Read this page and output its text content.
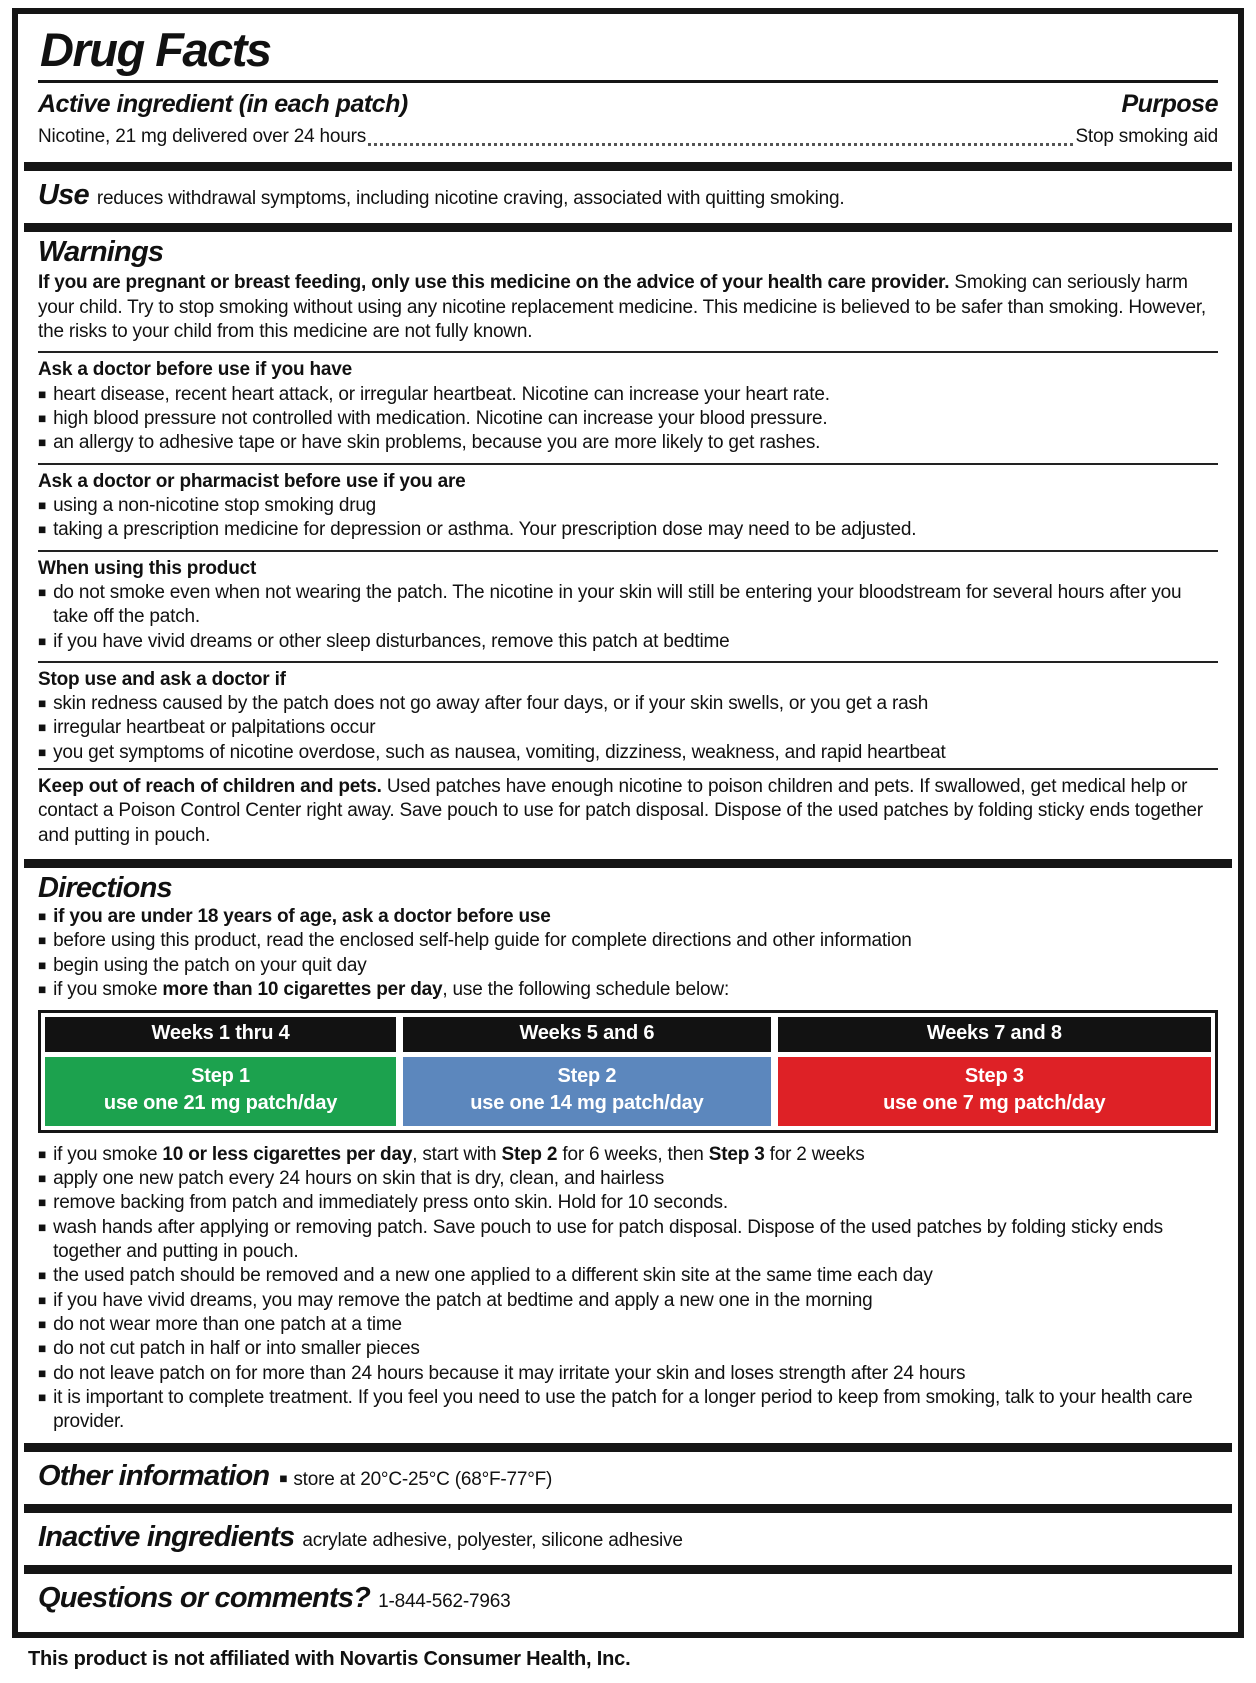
Drug Facts
Active ingredient (in each patch)	Purpose
Nicotine, 21 mg delivered over 24 hours	Stop smoking aid

Use reduces withdrawal symptoms, including nicotine craving, associated with quitting smoking.

Warnings

If you are pregnant or breast feeding, only use this medicine on the advice of your health care provider. Smoking can seriously harm your child. Try to stop smoking without using any nicotine replacement medicine. This medicine is believed to be safer than smoking. However, the risks to your child from this medicine are not fully known.

Ask a doctor before use if you have
■ heart disease, recent heart attack, or irregular heartbeat. Nicotine can increase your heart rate.
■ high blood pressure not controlled with medication. Nicotine can increase your blood pressure.
■ an allergy to adhesive tape or have skin problems, because you are more likely to get rashes.
Ask a doctor or pharmacist before use if you are
■ using a non-nicotine stop smoking drug
■ taking a prescription medicine for depression or asthma. Your prescription dose may need to be adjusted.
When using this product
■ do not smoke even when not wearing the patch. The nicotine in your skin will still be entering your bloodstream for several hours after you take off the patch.
■ if you have vivid dreams or other sleep disturbances, remove this patch at bedtime
Stop use and ask a doctor if
■ skin redness caused by the patch does not go away after four days, or if your skin swells, or you get a rash
■ irregular heartbeat or palpitations occur
■ you get symptoms of nicotine overdose, such as nausea, vomiting, dizziness, weakness, and rapid heartbeat

Keep out of reach of children and pets. Used patches have enough nicotine to poison children and pets. If swallowed, get medical help or contact a Poison Control Center right away. Save pouch to use for patch disposal. Dispose of the used patches by folding sticky ends together and putting in pouch.

Directions
■ if you are under 18 years of age, ask a doctor before use
■ before using this product, read the enclosed self-help guide for complete directions and other information
■ begin using the patch on your quit day
■ if you smoke more than 10 cigarettes per day, use the following schedule below:
Weeks 1 thru 4
Step 1
use one 21 mg patch/day
Weeks 5 and 6
Step 2
use one 14 mg patch/day
Weeks 7 and 8
Step 3
use one 7 mg patch/day
■ if you smoke 10 or less cigarettes per day, start with Step 2 for 6 weeks, then Step 3 for 2 weeks
■ apply one new patch every 24 hours on skin that is dry, clean, and hairless
■ remove backing from patch and immediately press onto skin. Hold for 10 seconds.
■ wash hands after applying or removing patch. Save pouch to use for patch disposal. Dispose of the used patches by folding sticky ends together and putting in pouch.
■ the used patch should be removed and a new one applied to a different skin site at the same time each day
■ if you have vivid dreams, you may remove the patch at bedtime and apply a new one in the morning
■ do not wear more than one patch at a time
■ do not cut patch in half or into smaller pieces
■ do not leave patch on for more than 24 hours because it may irritate your skin and loses strength after 24 hours
■ it is important to complete treatment. If you feel you need to use the patch for a longer period to keep from smoking, talk to your health care provider.

Other information ■ store at 20°C-25°C (68°F-77°F)

Inactive ingredients acrylate adhesive, polyester, silicone adhesive

Questions or comments? 1-844-562-7963

This product is not affiliated with Novartis Consumer Health, Inc.
